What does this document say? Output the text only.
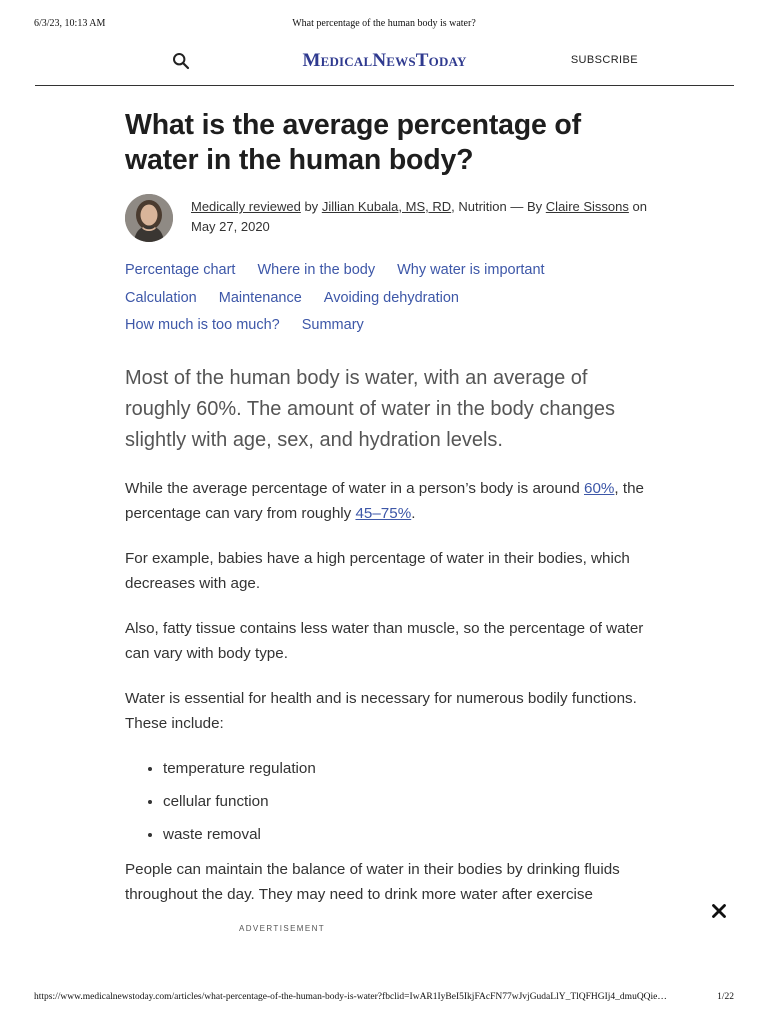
6/3/23, 10:13 AM	What percentage of the human body is water?
MedicalNewsToday	SUBSCRIBE
What is the average percentage of water in the human body?
Medically reviewed by Jillian Kubala, MS, RD, Nutrition — By Claire Sissons on May 27, 2020
Percentage chart Where in the body Why water is important
Calculation Maintenance Avoiding dehydration
How much is too much? Summary

Most of the human body is water, with an average of roughly 60%. The amount of water in the body changes slightly with age, sex, and hydration levels.

While the average percentage of water in a person’s body is around 60%, the percentage can vary from roughly 45–75%.

For example, babies have a high percentage of water in their bodies, which decreases with age.

Also, fatty tissue contains less water than muscle, so the percentage of water can vary with body type.

Water is essential for health and is necessary for numerous bodily functions. These include:

• temperature regulation
• cellular function
• waste removal

People can maintain the balance of water in their bodies by drinking fluids throughout the day. They may need to drink more water after exercise

ADVERTISEMENT
https://www.medicalnewstoday.com/articles/what-percentage-of-the-human-body-is-water?fbclid=IwAR1IyBeI5IkjFAcFN77wJvjGudaLlY_TlQFHGIj4_dmuQQie…	1/22
